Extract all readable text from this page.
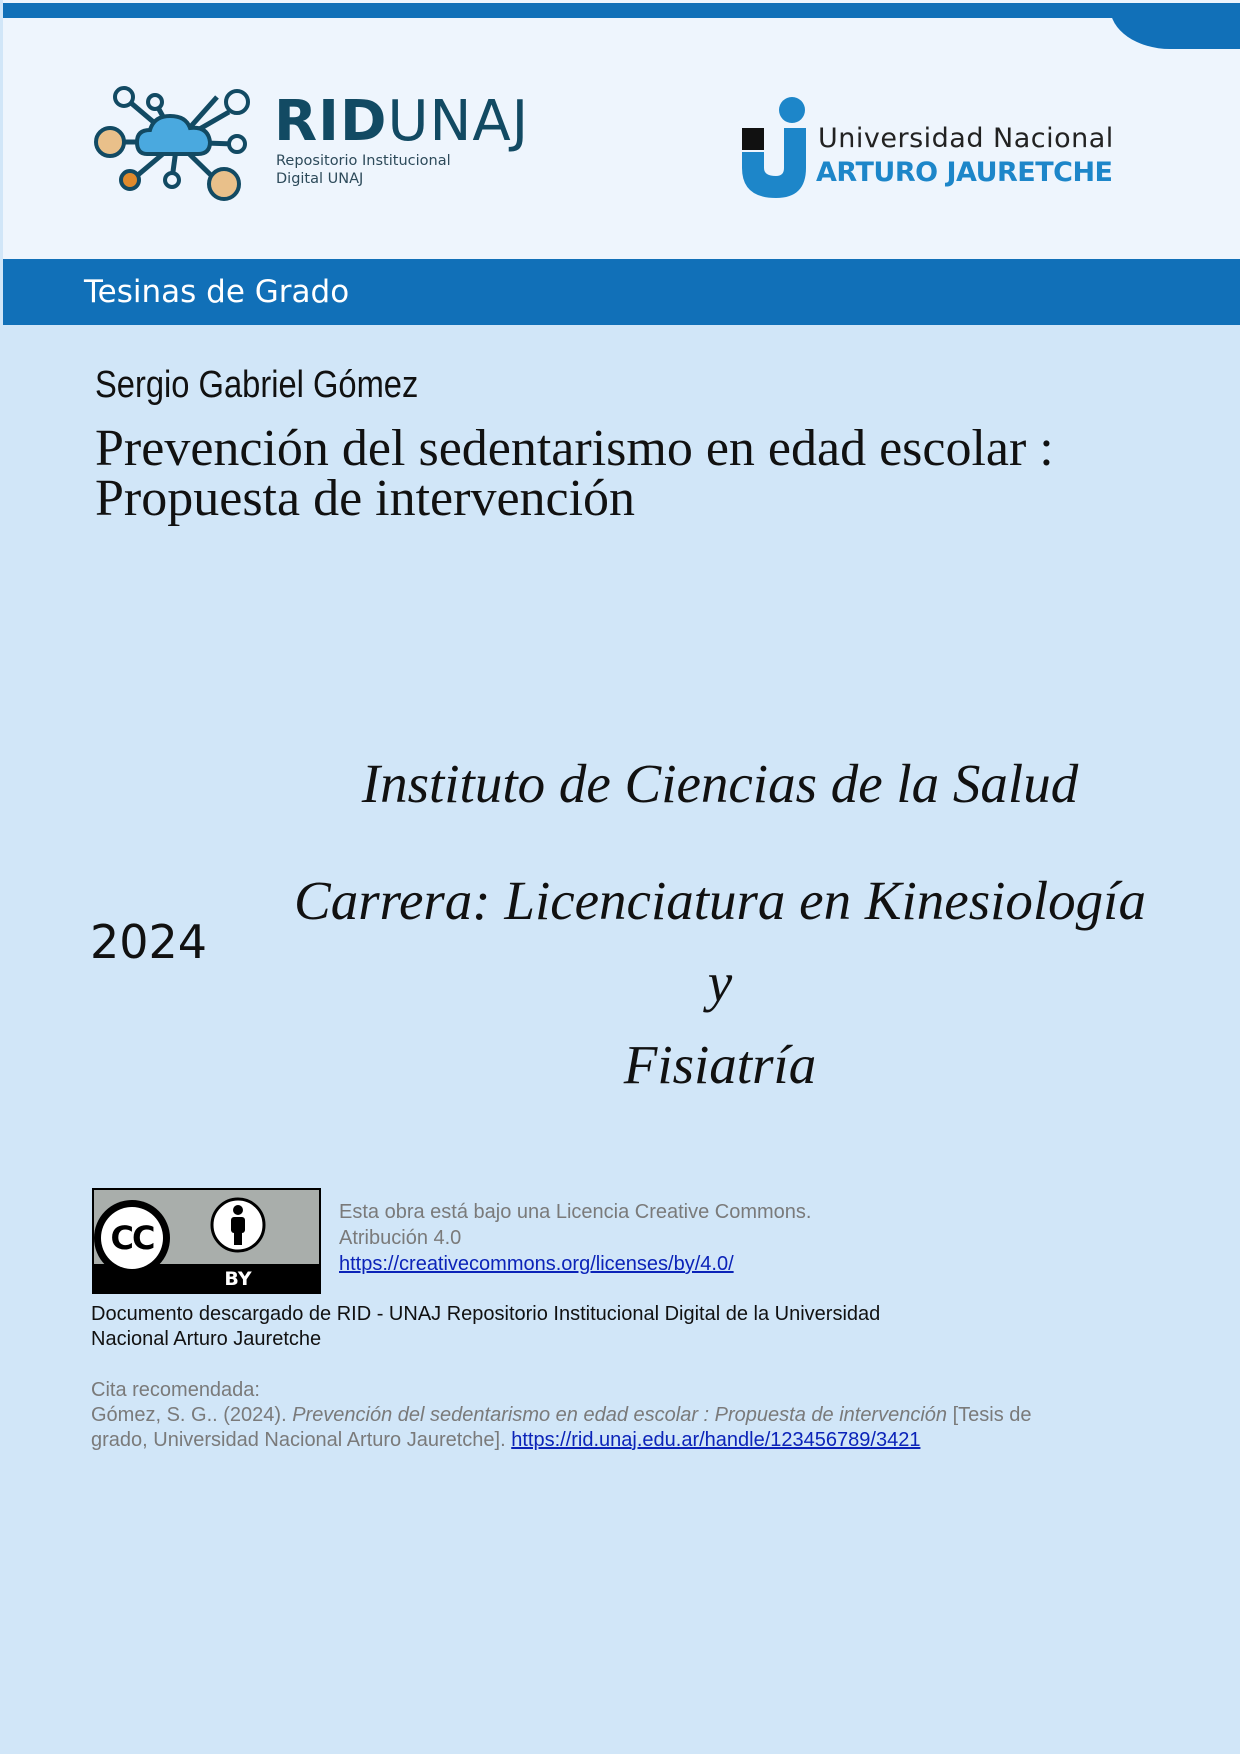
RIDUNAJ
Repositorio Institucional
Digital UNAJ
Universidad Nacional
ARTURO JAURETCHE
Tesinas de Grado
Sergio Gabriel Gómez
Prevención del sedentarismo en edad escolar :
Propuesta de intervención
Instituto de Ciencias de la Salud
Carrera: Licenciatura en Kinesiología y
Fisiatría
2024
CC
BY
Esta obra está bajo una Licencia Creative Commons.
Atribución 4.0
https://creativecommons.org/licenses/by/4.0/
Documento descargado de RID - UNAJ Repositorio Institucional Digital de la Universidad
Nacional Arturo Jauretche
Cita recomendada:
Gómez, S. G.. (2024). Prevención del sedentarismo en edad escolar : Propuesta de intervención [Tesis de
grado, Universidad Nacional Arturo Jauretche]. https://rid.unaj.edu.ar/handle/123456789/3421
